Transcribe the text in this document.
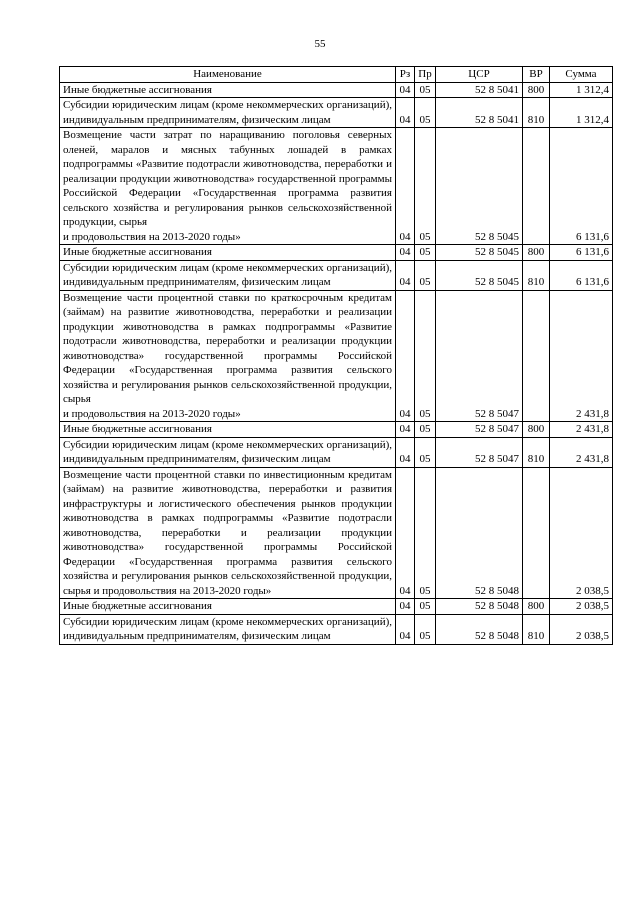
55
Наименование	Рз	Пр	ЦСР	ВР	Сумма
Иные бюджетные ассигнования	04	05	52 8 5041	800	1 312,4
Субсидии юридическим лицам (кроме некоммерческих организаций), индивидуальным предпринимателям, физическим лицам	04	05	52 8 5041	810	1 312,4
Возмещение части затрат по наращиванию поголовья северных оленей, маралов и мясных табунных лошадей в рамках подпрограммы «Развитие подотрасли животноводства, переработки и реализации продукции животноводства» государственной программы Российской Федерации «Государственная программа развития сельского хозяйства и регулирования рынков сельскохозяйственной продукции, сырья
и продовольствия на 2013-2020 годы»	04	05	52 8 5045		6 131,6
Иные бюджетные ассигнования	04	05	52 8 5045	800	6 131,6
Субсидии юридическим лицам (кроме некоммерческих организаций), индивидуальным предпринимателям, физическим лицам	04	05	52 8 5045	810	6 131,6
Возмещение части процентной ставки по краткосрочным кредитам (займам) на развитие животноводства, переработки и реализации продукции животноводства в рамках подпрограммы «Развитие подотрасли животноводства, переработки и реализации продукции животноводства» государственной программы Российской Федерации «Государственная программа развития сельского хозяйства и регулирования рынков сельскохозяйственной продукции, сырья
и продовольствия на 2013-2020 годы»	04	05	52 8 5047		2 431,8
Иные бюджетные ассигнования	04	05	52 8 5047	800	2 431,8
Субсидии юридическим лицам (кроме некоммерческих организаций), индивидуальным предпринимателям, физическим лицам	04	05	52 8 5047	810	2 431,8
Возмещение части процентной ставки по инвестиционным кредитам (займам) на развитие животноводства, переработки и развития инфраструктуры и логистического обеспечения рынков продукции животноводства в рамках подпрограммы «Развитие подотрасли животноводства, переработки и реализации продукции животноводства» государственной программы Российской Федерации «Государственная программа развития сельского хозяйства и регулирования рынков сельскохозяйственной продукции, сырья и продовольствия на 2013-2020 годы»	04	05	52 8 5048		2 038,5
Иные бюджетные ассигнования	04	05	52 8 5048	800	2 038,5
Субсидии юридическим лицам (кроме некоммерческих организаций), индивидуальным предпринимателям, физическим лицам	04	05	52 8 5048	810	2 038,5
